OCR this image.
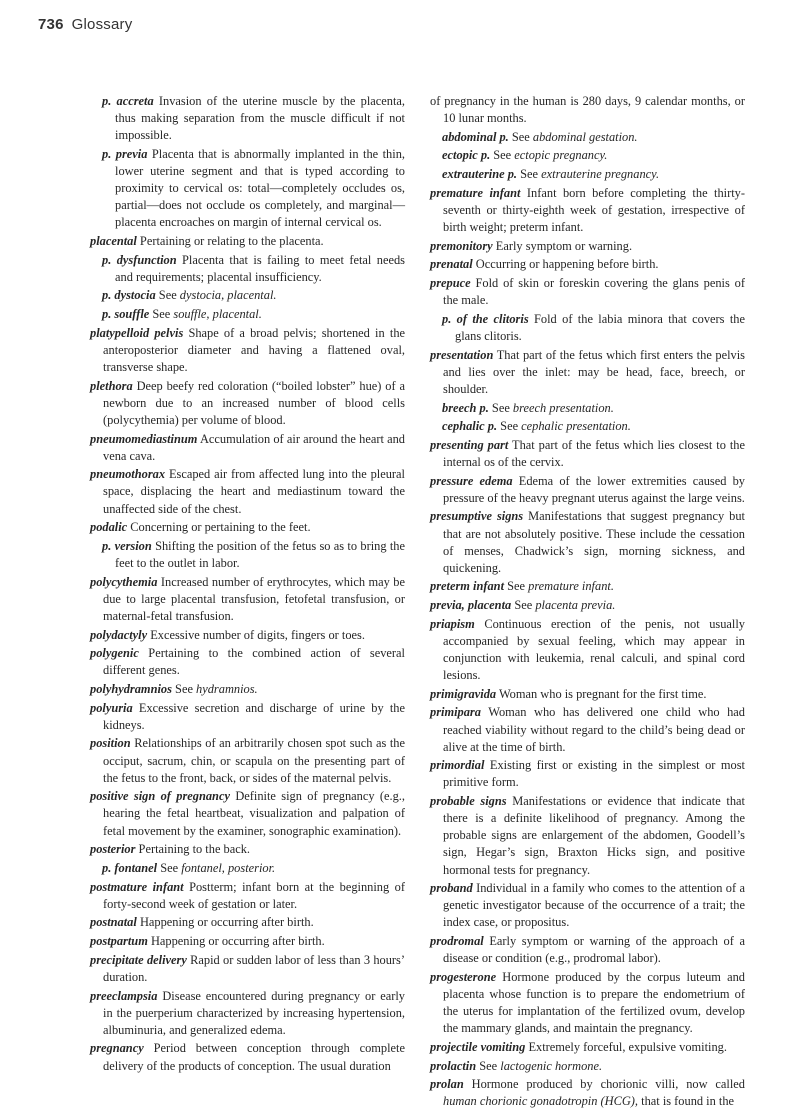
736 Glossary

p. accreta Invasion of the uterine muscle by the placenta, thus making separation from the muscle difficult if not impossible.

p. previa Placenta that is abnormally implanted in the thin, lower uterine segment and that is typed according to proximity to cervical os: total—completely occludes os, partial—does not occlude os completely, and marginal—placenta encroaches on margin of internal cervical os.

placental Pertaining or relating to the placenta.

p. dysfunction Placenta that is failing to meet fetal needs and requirements; placental insufficiency.

p. dystocia See dystocia, placental.

p. souffle See souffle, placental.

platypelloid pelvis Shape of a broad pelvis; shortened in the anteroposterior diameter and having a flattened oval, transverse shape.

plethora Deep beefy red coloration (“boiled lobster” hue) of a newborn due to an increased number of blood cells (polycythemia) per volume of blood.

pneumomediastinum Accumulation of air around the heart and vena cava.

pneumothorax Escaped air from affected lung into the pleural space, displacing the heart and mediastinum toward the unaffected side of the chest.

podalic Concerning or pertaining to the feet.

p. version Shifting the position of the fetus so as to bring the feet to the outlet in labor.

polycythemia Increased number of erythrocytes, which may be due to large placental transfusion, fetofetal transfusion, or maternal-fetal transfusion.

polydactyly Excessive number of digits, fingers or toes.

polygenic Pertaining to the combined action of several different genes.

polyhydramnios See hydramnios.

polyuria Excessive secretion and discharge of urine by the kidneys.

position Relationships of an arbitrarily chosen spot such as the occiput, sacrum, chin, or scapula on the presenting part of the fetus to the front, back, or sides of the maternal pelvis.

positive sign of pregnancy Definite sign of pregnancy (e.g., hearing the fetal heartbeat, visualization and palpation of fetal movement by the examiner, sonographic examination).

posterior Pertaining to the back.

p. fontanel See fontanel, posterior.

postmature infant Postterm; infant born at the beginning of forty-second week of gestation or later.

postnatal Happening or occurring after birth.

postpartum Happening or occurring after birth.

precipitate delivery Rapid or sudden labor of less than 3 hours’ duration.

preeclampsia Disease encountered during pregnancy or early in the puerperium characterized by increasing hypertension, albuminuria, and generalized edema.

pregnancy Period between conception through complete delivery of the products of conception. The usual duration

of pregnancy in the human is 280 days, 9 calendar months, or 10 lunar months.

abdominal p. See abdominal gestation.

ectopic p. See ectopic pregnancy.

extrauterine p. See extrauterine pregnancy.

premature infant Infant born before completing the thirty-seventh or thirty-eighth week of gestation, irrespective of birth weight; preterm infant.

premonitory Early symptom or warning.

prenatal Occurring or happening before birth.

prepuce Fold of skin or foreskin covering the glans penis of the male.

p. of the clitoris Fold of the labia minora that covers the glans clitoris.

presentation That part of the fetus which first enters the pelvis and lies over the inlet: may be head, face, breech, or shoulder.

breech p. See breech presentation.

cephalic p. See cephalic presentation.

presenting part That part of the fetus which lies closest to the internal os of the cervix.

pressure edema Edema of the lower extremities caused by pressure of the heavy pregnant uterus against the large veins.

presumptive signs Manifestations that suggest pregnancy but that are not absolutely positive. These include the cessation of menses, Chadwick’s sign, morning sickness, and quickening.

preterm infant See premature infant.

previa, placenta See placenta previa.

priapism Continuous erection of the penis, not usually accompanied by sexual feeling, which may appear in conjunction with leukemia, renal calculi, and spinal cord lesions.

primigravida Woman who is pregnant for the first time.

primipara Woman who has delivered one child who had reached viability without regard to the child’s being dead or alive at the time of birth.

primordial Existing first or existing in the simplest or most primitive form.

probable signs Manifestations or evidence that indicate that there is a definite likelihood of pregnancy. Among the probable signs are enlargement of the abdomen, Goodell’s sign, Hegar’s sign, Braxton Hicks sign, and positive hormonal tests for pregnancy.

proband Individual in a family who comes to the attention of a genetic investigator because of the occurrence of a trait; the index case, or propositus.

prodromal Early symptom or warning of the approach of a disease or condition (e.g., prodromal labor).

progesterone Hormone produced by the corpus luteum and placenta whose function is to prepare the endometrium of the uterus for implantation of the fertilized ovum, develop the mammary glands, and maintain the pregnancy.

projectile vomiting Extremely forceful, expulsive vomiting.

prolactin See lactogenic hormone.

prolan Hormone produced by chorionic villi, now called human chorionic gonadotropin (HCG), that is found in the
